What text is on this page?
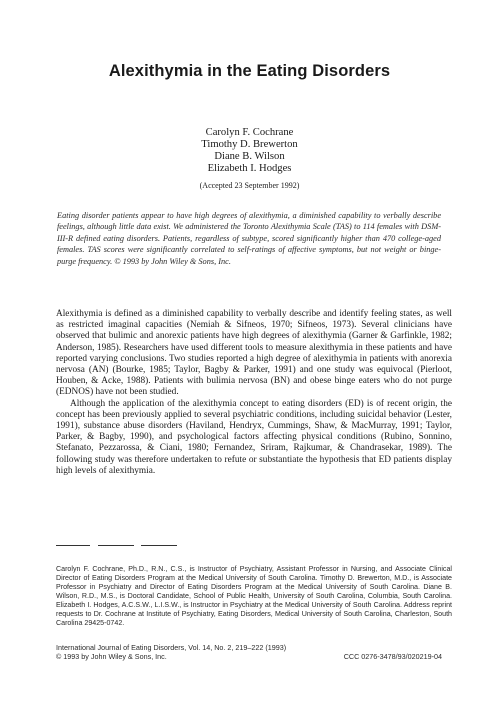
Alexithymia in the Eating Disorders
Carolyn F. Cochrane
Timothy D. Brewerton
Diane B. Wilson
Elizabeth I. Hodges
(Accepted 23 September 1992)

Eating disorder patients appear to have high degrees of alexithymia, a diminished capability to verbally describe feelings, although little data exist. We administered the Toronto Alexithymia Scale (TAS) to 114 females with DSM-III-R defined eating disorders. Patients, regardless of subtype, scored significantly higher than 470 college-aged females. TAS scores were significantly correlated to self-ratings of affective symptoms, but not weight or binge-purge frequency. © 1993 by John Wiley & Sons, Inc.

Alexithymia is defined as a diminished capability to verbally describe and identify feeling states, as well as restricted imaginal capacities (Nemiah & Sifneos, 1970; Sifneos, 1973). Several clinicians have observed that bulimic and anorexic patients have high degrees of alexithymia (Garner & Garfinkle, 1982; Anderson, 1985). Researchers have used different tools to measure alexithymia in these patients and have reported varying conclusions. Two studies reported a high degree of alexithymia in patients with anorexia nervosa (AN) (Bourke, 1985; Taylor, Bagby & Parker, 1991) and one study was equivocal (Pierloot, Houben, & Acke, 1988). Patients with bulimia nervosa (BN) and obese binge eaters who do not purge (EDNOS) have not been studied.

Although the application of the alexithymia concept to eating disorders (ED) is of recent origin, the concept has been previously applied to several psychiatric conditions, including suicidal behavior (Lester, 1991), substance abuse disorders (Haviland, Hendryx, Cummings, Shaw, & MacMurray, 1991; Taylor, Parker, & Bagby, 1990), and psychological factors affecting physical conditions (Rubino, Sonnino, Stefanato, Pezzarossa, & Ciani, 1980; Fernandez, Sriram, Rajkumar, & Chandrasekar, 1989). The following study was therefore undertaken to refute or substantiate the hypothesis that ED patients display high levels of alexithymia.

Carolyn F. Cochrane, Ph.D., R.N., C.S., is Instructor of Psychiatry, Assistant Professor in Nursing, and Associate Clinical Director of Eating Disorders Program at the Medical University of South Carolina. Timothy D. Brewerton, M.D., is Associate Professor in Psychiatry and Director of Eating Disorders Program at the Medical University of South Carolina. Diane B. Wilson, R.D., M.S., is Doctoral Candidate, School of Public Health, University of South Carolina, Columbia, South Carolina. Elizabeth I. Hodges, A.C.S.W., L.I.S.W., is Instructor in Psychiatry at the Medical University of South Carolina. Address reprint requests to Dr. Cochrane at Institute of Psychiatry, Eating Disorders, Medical University of South Carolina, Charleston, South Carolina 29425-0742.

International Journal of Eating Disorders, Vol. 14, No. 2, 219–222 (1993)
© 1993 by John Wiley & Sons, Inc.	CCC 0276-3478/93/020219-04
